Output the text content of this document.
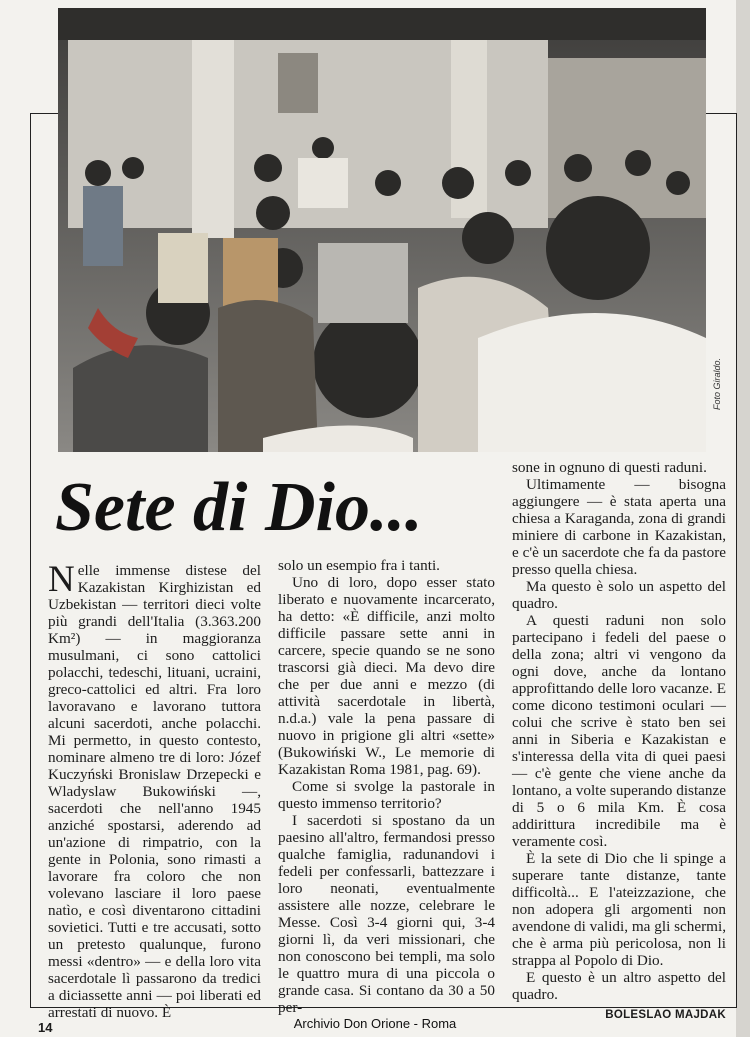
Foto Giraldo.
Sete di Dio...

Nelle immense distese del Kazakistan Kirghizistan ed Uzbekistan — territori dieci volte più grandi dell'Italia (3.363.200 Km²) — in maggioranza musulmani, ci sono cattolici polacchi, tedeschi, lituani, ucraini, greco-cattolici ed altri. Fra loro lavoravano e lavorano tuttora alcuni sacerdoti, anche polacchi. Mi permetto, in questo contesto, nominare almeno tre di loro: Józef Kuczyński Bronislaw Drzepecki e Wladyslaw Bukowiński —, sacerdoti che nell'anno 1945 anziché spostarsi, aderendo ad un'azione di rimpatrio, con la gente in Polonia, sono rimasti a lavorare fra coloro che non volevano lasciare il loro paese natìo, e così diventarono cittadini sovietici. Tutti e tre accusati, sotto un pretesto qualunque, furono messi «dentro» — e della loro vita sacerdotale lì passarono da tredici a diciassette anni — poi liberati ed arrestati di nuovo. È

solo un esempio fra i tanti.

Uno di loro, dopo esser stato liberato e nuovamente incarcerato, ha detto: «È difficile, anzi molto difficile passare sette anni in carcere, specie quando se ne sono trascorsi già dieci. Ma devo dire che per due anni e mezzo (di attività sacerdotale in libertà, n.d.a.) vale la pena passare di nuovo in prigione gli altri «sette» (Bukowiński W., Le memorie di Kazakistan Roma 1981, pag. 69).

Come si svolge la pastorale in questo immenso territorio?

I sacerdoti si spostano da un paesino all'altro, fermandosi presso qualche famiglia, radunandovi i fedeli per confessarli, battezzare i loro neonati, eventualmente assistere alle nozze, celebrare le Messe. Così 3-4 giorni qui, 3-4 giorni lì, da veri missionari, che non conoscono bei templi, ma solo le quattro mura di una piccola o grande casa. Si contano da 30 a 50 per-

sone in ognuno di questi raduni.

Ultimamente — bisogna aggiungere — è stata aperta una chiesa a Karaganda, zona di grandi miniere di carbone in Kazakistan, e c'è un sacerdote che fa da pastore presso quella chiesa.

Ma questo è solo un aspetto del quadro.

A questi raduni non solo partecipano i fedeli del paese o della zona; altri vi vengono da ogni dove, anche da lontano approfittando delle loro vacanze. E come dicono testimoni oculari — colui che scrive è stato ben sei anni in Siberia e Kazakistan e s'interessa della vita di quei paesi — c'è gente che viene anche da lontano, a volte superando distanze di 5 o 6 mila Km. È cosa addirittura incredibile ma è veramente così.

È la sete di Dio che li spinge a superare tante distanze, tante difficoltà... E l'ateizzazione, che non adopera gli argomenti non avendone di validi, ma gli schermi, che è arma più pericolosa, non li strappa al Popolo di Dio.

E questo è un altro aspetto del quadro.

BOLESLAO MAJDAK
14	Archivio Don Orione - Roma
